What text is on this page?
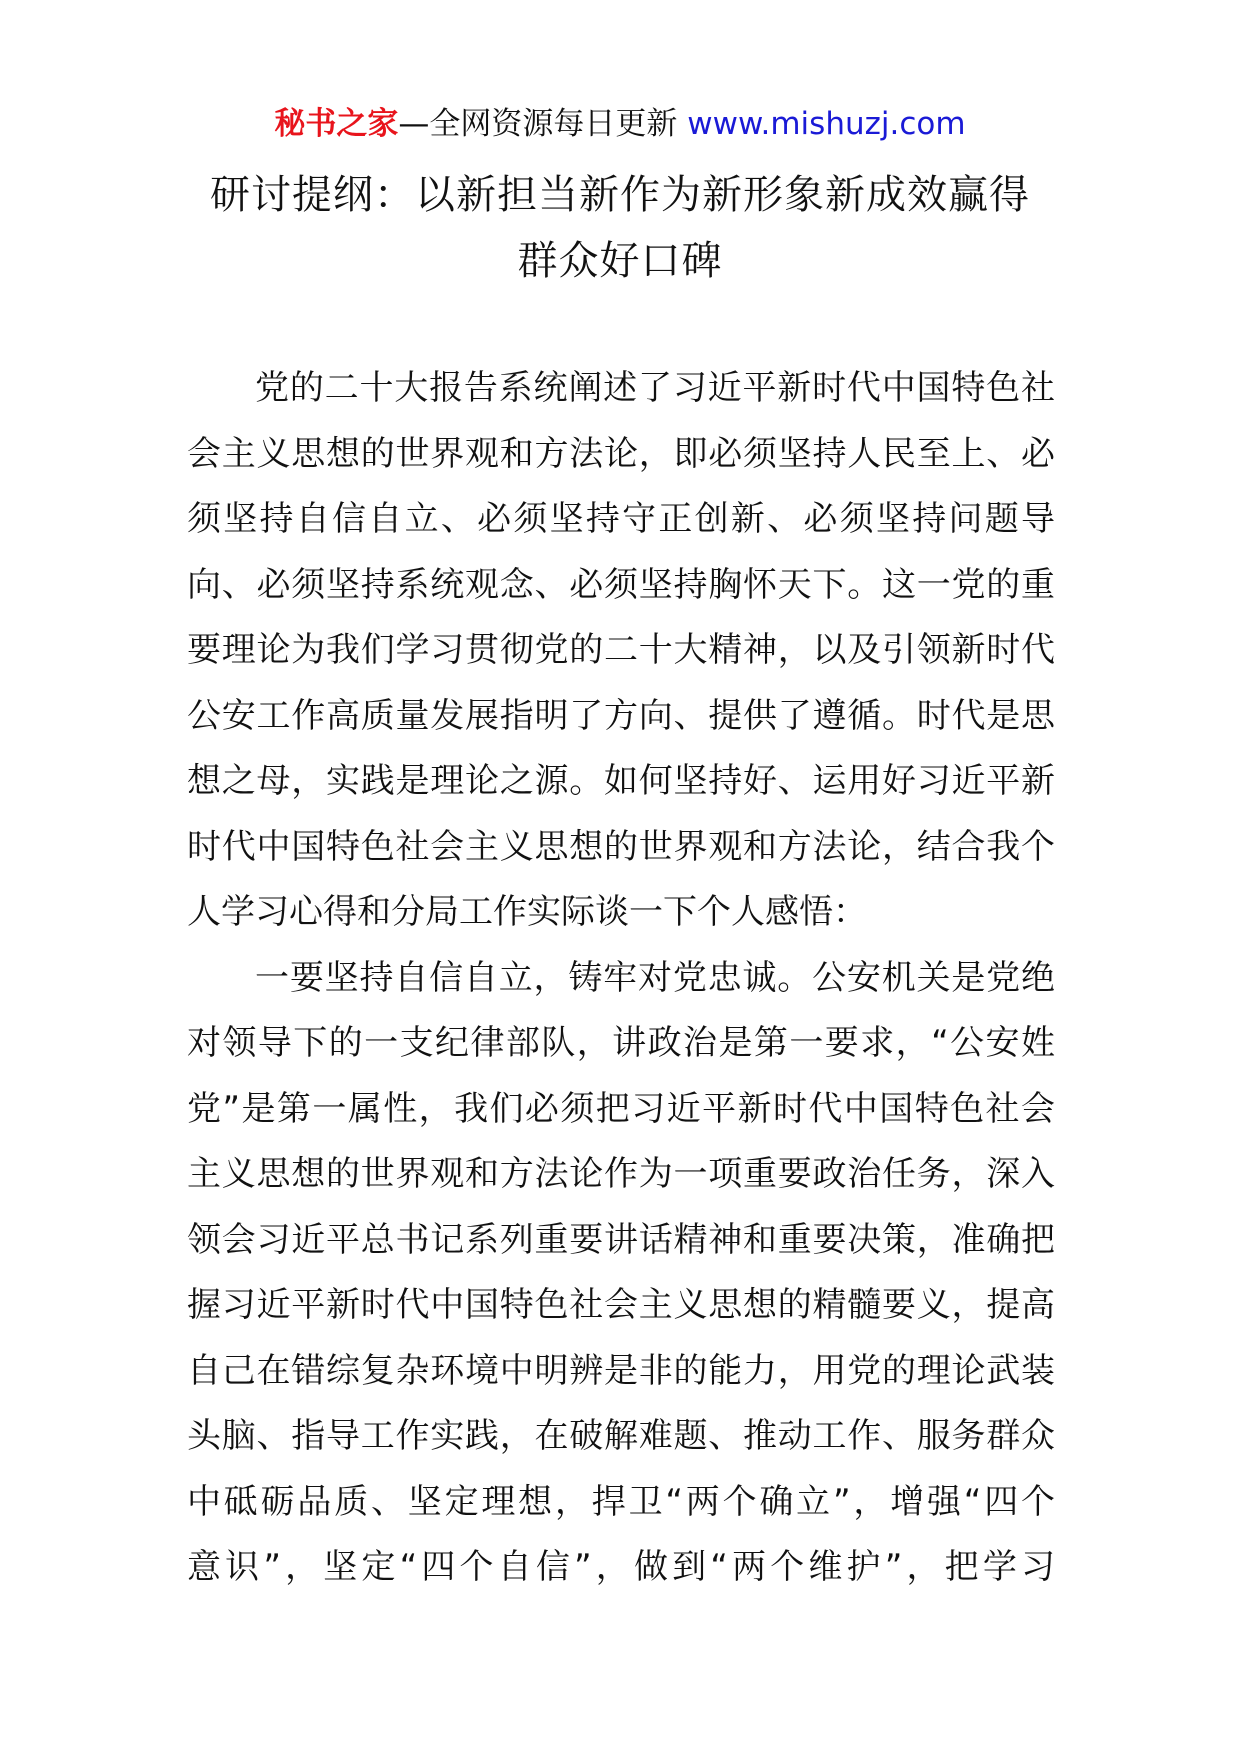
秘书之家—全网资源每日更新 www.mishuzj.com
研讨提纲：以新担当新作为新形象新成效赢得
群众好口碑
党的二十大报告系统阐述了习近平新时代中国特色社
会主义思想的世界观和方法论，即必须坚持人民至上、必
须坚持自信自立、必须坚持守正创新、必须坚持问题导
向、必须坚持系统观念、必须坚持胸怀天下。这一党的重
要理论为我们学习贯彻党的二十大精神，以及引领新时代
公安工作高质量发展指明了方向、提供了遵循。时代是思
想之母，实践是理论之源。如何坚持好、运用好习近平新
时代中国特色社会主义思想的世界观和方法论，结合我个
人学习心得和分局工作实际谈一下个人感悟：
一要坚持自信自立，铸牢对党忠诚。公安机关是党绝
对领导下的一支纪律部队，讲政治是第一要求，“公安姓
党”是第一属性，我们必须把习近平新时代中国特色社会
主义思想的世界观和方法论作为一项重要政治任务，深入
领会习近平总书记系列重要讲话精神和重要决策，准确把
握习近平新时代中国特色社会主义思想的精髓要义，提高
自己在错综复杂环境中明辨是非的能力，用党的理论武装
头脑、指导工作实践，在破解难题、推动工作、服务群众
中砥砺品质、坚定理想，捍卫“两个确立”，增强“四个
意识”，坚定“四个自信”，做到“两个维护”，把学习
